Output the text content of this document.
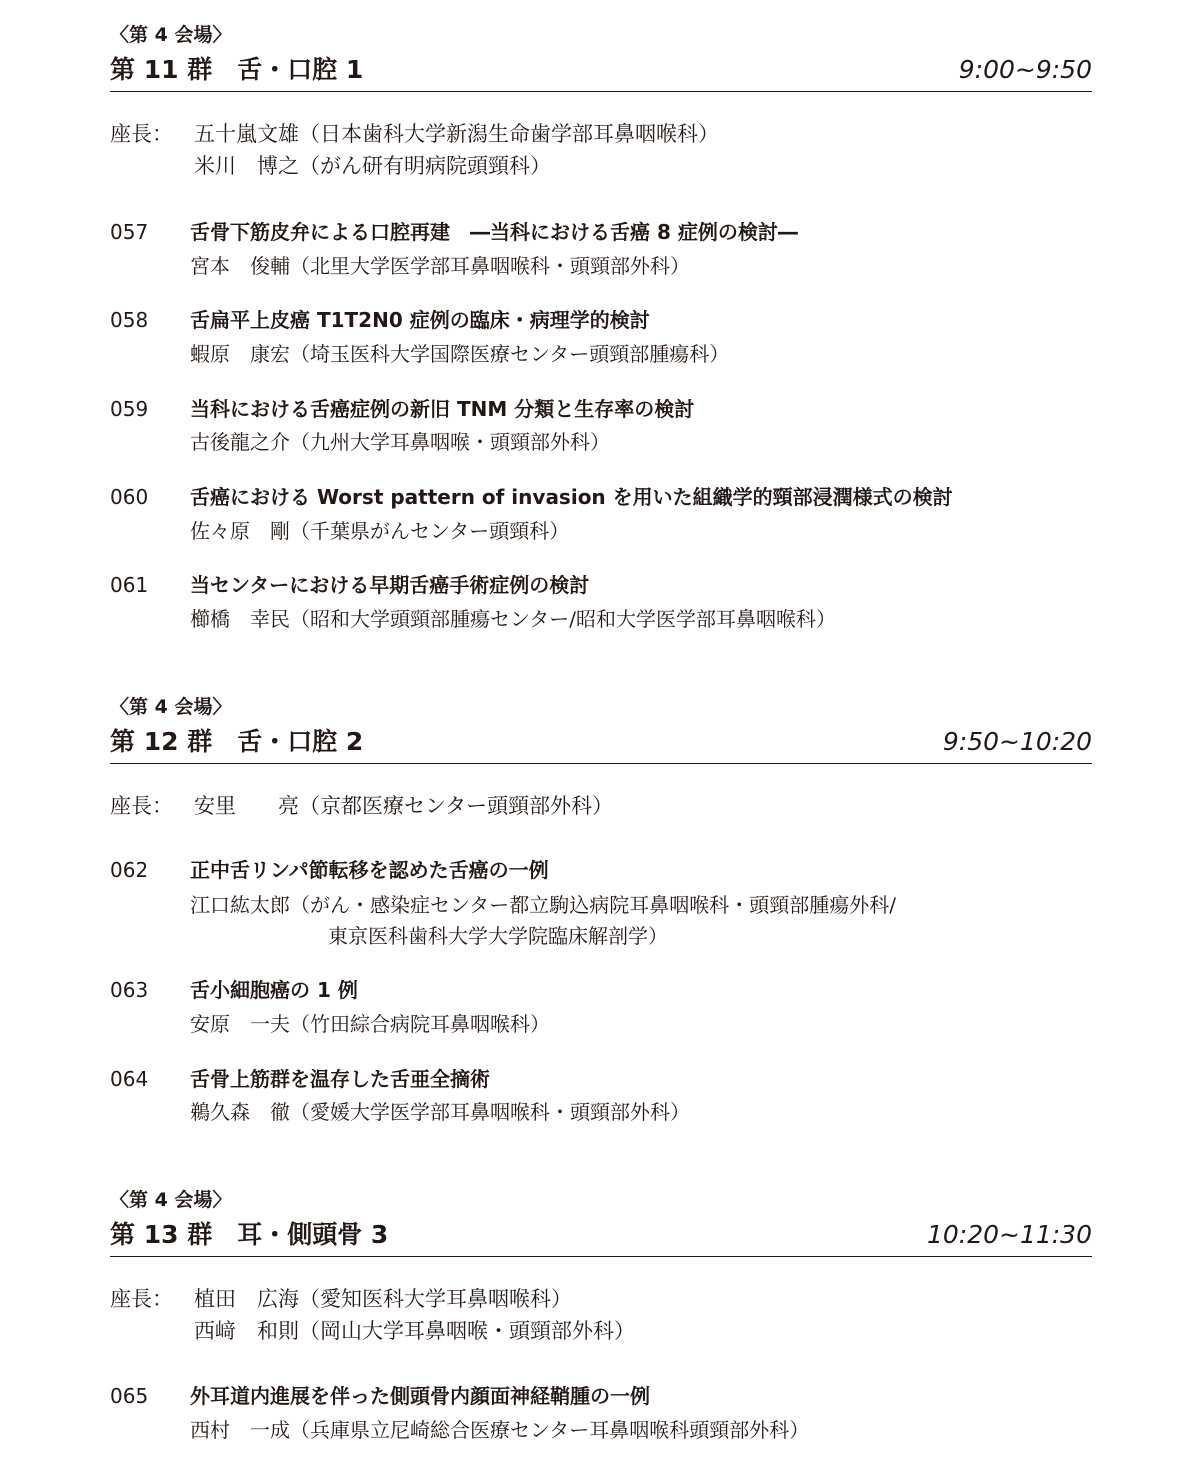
〈第 4 会場〉
第 11 群　舌・口腔 1	9:00~9:50
座長： 五十嵐文雄（日本歯科大学新潟生命歯学部耳鼻咽喉科）
米川　博之（がん研有明病院頭頸科）
057 舌骨下筋皮弁による口腔再建　―当科における舌癌 8 症例の検討―
宮本　俊輔（北里大学医学部耳鼻咽喉科・頭頸部外科）
058 舌扁平上皮癌 T1T2N0 症例の臨床・病理学的検討
蝦原　康宏（埼玉医科大学国際医療センター頭頸部腫瘍科）
059 当科における舌癌症例の新旧 TNM 分類と生存率の検討
古後龍之介（九州大学耳鼻咽喉・頭頸部外科）
060 舌癌における Worst pattern of invasion を用いた組織学的頸部浸潤様式の検討
佐々原　剛（千葉県がんセンター頭頸科）
061 当センターにおける早期舌癌手術症例の検討
櫛橋　幸民（昭和大学頭頸部腫瘍センター/昭和大学医学部耳鼻咽喉科）
〈第 4 会場〉
第 12 群　舌・口腔 2	9:50~10:20
座長： 安里　　亮（京都医療センター頭頸部外科）
062 正中舌リンパ節転移を認めた舌癌の一例
江口紘太郎（がん・感染症センター都立駒込病院耳鼻咽喉科・頭頸部腫瘍外科/
東京医科歯科大学大学院臨床解剖学）
063 舌小細胞癌の 1 例
安原　一夫（竹田綜合病院耳鼻咽喉科）
064 舌骨上筋群を温存した舌亜全摘術
鵜久森　徹（愛媛大学医学部耳鼻咽喉科・頭頸部外科）
〈第 4 会場〉
第 13 群　耳・側頭骨 3	10:20~11:30
座長： 植田　広海（愛知医科大学耳鼻咽喉科）
西﨑　和則（岡山大学耳鼻咽喉・頭頸部外科）
065 外耳道内進展を伴った側頭骨内顔面神経鞘腫の一例
西村　一成（兵庫県立尼崎総合医療センター耳鼻咽喉科頭頸部外科）
